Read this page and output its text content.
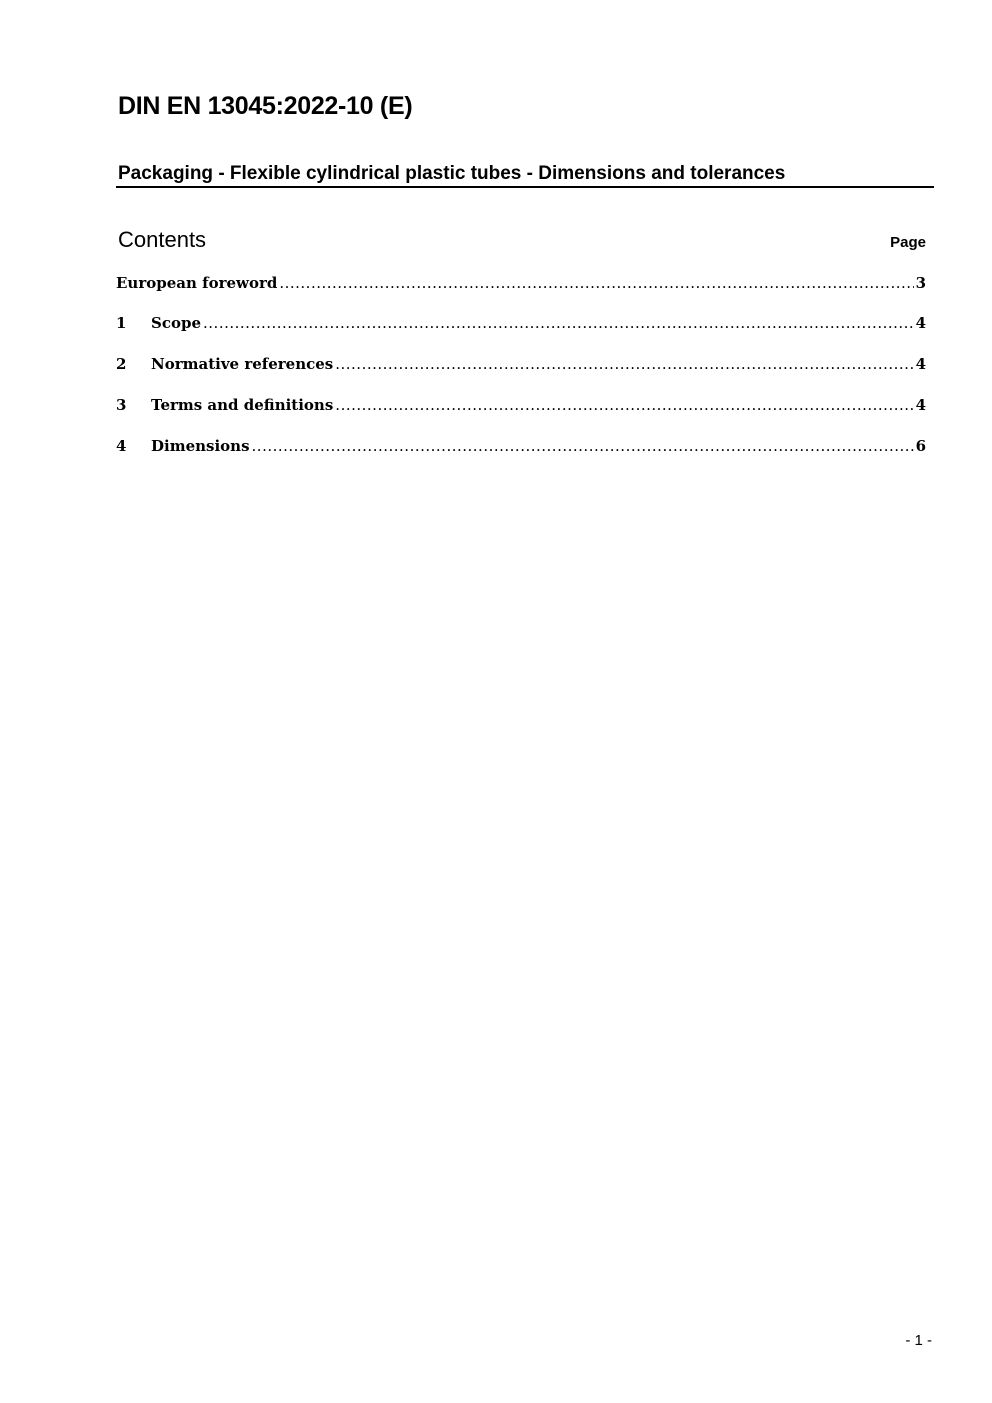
DIN EN 13045:2022-10 (E)
Packaging - Flexible cylindrical plastic tubes - Dimensions and tolerances
Contents	Page
European foreword .....	3
1	Scope .....	4
2	Normative references .....	4
3	Terms and definitions .....	4
4	Dimensions .....	6
- 1 -
